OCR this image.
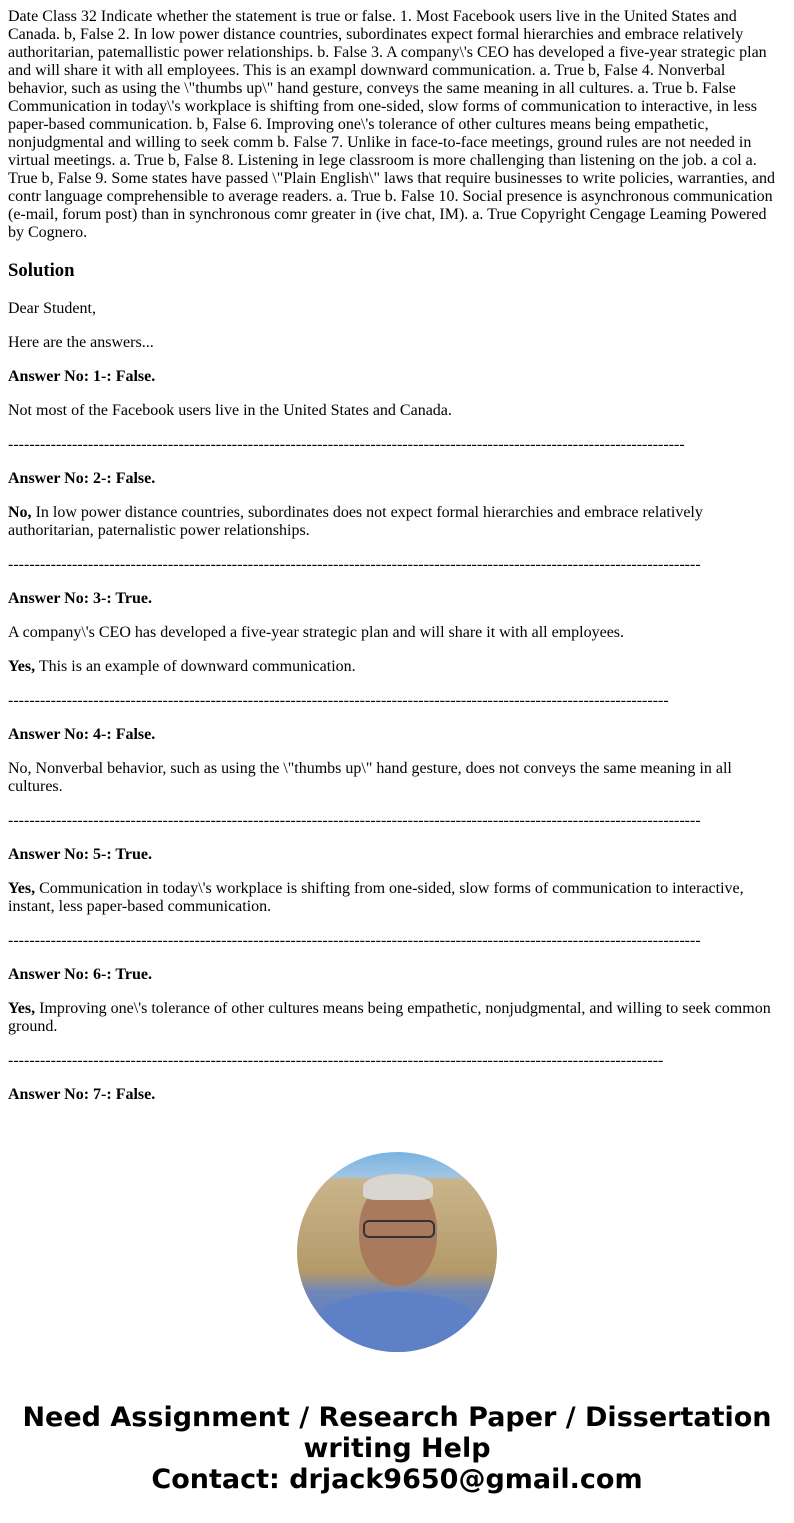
Date Class 32 Indicate whether the statement is true or false. 1. Most Facebook users live in the United States and Canada. b, False 2. In low power distance countries, subordinates expect formal hierarchies and embrace relatively authoritarian, patemallistic power relationships. b. False 3. A company\'s CEO has developed a five-year strategic plan and will share it with all employees. This is an exampl downward communication. a. True b, False 4. Nonverbal behavior, such as using the \"thumbs up\" hand gesture, conveys the same meaning in all cultures. a. True b. False Communication in today\'s workplace is shifting from one-sided, slow forms of communication to interactive, in less paper-based communication. b, False 6. Improving one\'s tolerance of other cultures means being empathetic, nonjudgmental and willing to seek comm b. False 7. Unlike in face-to-face meetings, ground rules are not needed in virtual meetings. a. True b, False 8. Listening in lege classroom is more challenging than listening on the job. a col a. True b, False 9. Some states have passed \"Plain English\" laws that require businesses to write policies, warranties, and contr language comprehensible to average readers. a. True b. False 10. Social presence is asynchronous communication (e-mail, forum post) than in synchronous comr greater in (ive chat, IM). a. True Copyright Cengage Leaming Powered by Cognero.

Solution

Dear Student,

Here are the answers...

Answer No: 1-: False.

Not most of the Facebook users live in the United States and Canada.

-------------------------------------------------------------------------------------------------------------------------------

Answer No: 2-: False.

No, In low power distance countries, subordinates does not expect formal hierarchies and embrace relatively authoritarian, paternalistic power relationships.

----------------------------------------------------------------------------------------------------------------------------------

Answer No: 3-: True.

A company\'s CEO has developed a five-year strategic plan and will share it with all employees.

Yes, This is an example of downward communication.

----------------------------------------------------------------------------------------------------------------------------

Answer No: 4-: False.

No, Nonverbal behavior, such as using the \"thumbs up\" hand gesture, does not conveys the same meaning in all cultures.

----------------------------------------------------------------------------------------------------------------------------------

Answer No: 5-: True.

Yes, Communication in today\'s workplace is shifting from one-sided, slow forms of communication to interactive, instant, less paper-based communication.

----------------------------------------------------------------------------------------------------------------------------------

Answer No: 6-: True.

Yes, Improving one\'s tolerance of other cultures means being empathetic, nonjudgmental, and willing to seek common ground.

---------------------------------------------------------------------------------------------------------------------------

Answer No: 7-: False.

Need Assignment / Research Paper / Dissertation writing Help
Contact: drjack9650@gmail.com
